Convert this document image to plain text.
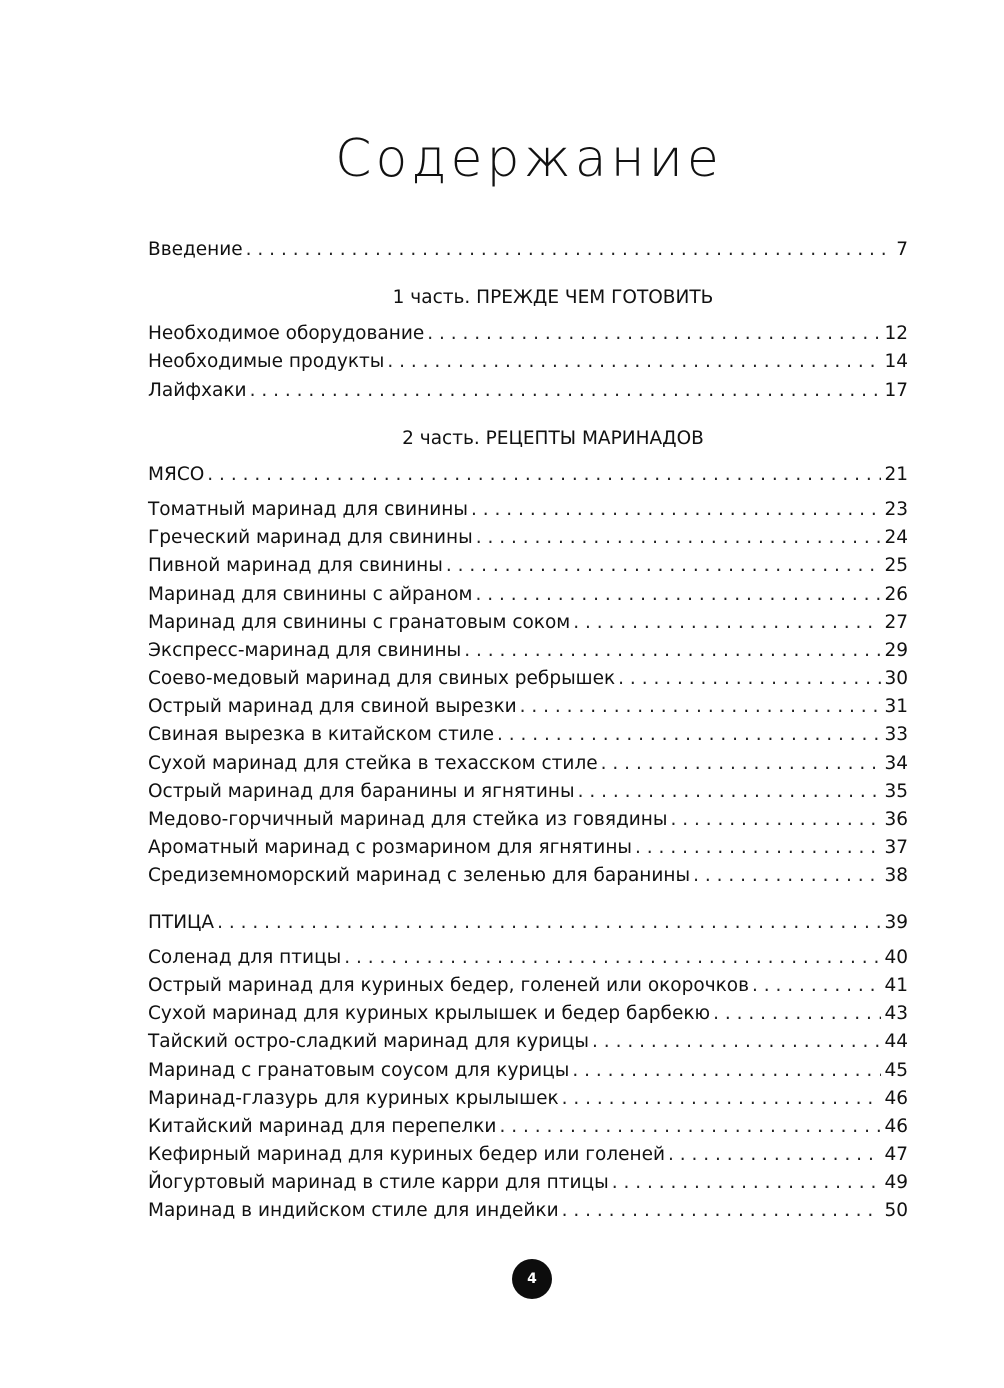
Содержание
Введение . . .	7
1 часть. ПРЕЖДЕ ЧЕМ ГОТОВИТЬ
Необходимое оборудование . . .	12
Необходимые продукты . . .	14
Лайфхаки . . .	17
2 часть. РЕЦЕПТЫ МАРИНАДОВ
МЯСО . . .	21
Томатный маринад для свинины . . .	23
Греческий маринад для свинины . . .	24
Пивной маринад для свинины . . .	25
Маринад для свинины с айраном . . .	26
Маринад для свинины с гранатовым соком . . .	27
Экспресс-маринад для свинины . . .	29
Соево-медовый маринад для свиных ребрышек . . .	30
Острый маринад для свиной вырезки . . .	31
Свиная вырезка в китайском стиле . . .	33
Сухой маринад для стейка в техасском стиле . . .	34
Острый маринад для баранины и ягнятины . . .	35
Медово-горчичный маринад для стейка из говядины . . .	36
Ароматный маринад с розмарином для ягнятины . . .	37
Средиземноморский маринад с зеленью для баранины . . .	38
ПТИЦА . . .	39
Соленад для птицы . . .	40
Острый маринад для куриных бедер, голеней или окорочков . . .	41
Сухой маринад для куриных крылышек и бедер барбекю . . .	43
Тайский остро-сладкий маринад для курицы . . .	44
Маринад с гранатовым соусом для курицы . . .	45
Маринад-глазурь для куриных крылышек . . .	46
Китайский маринад для перепелки . . .	46
Кефирный маринад для куриных бедер или голеней . . .	47
Йогуртовый маринад в стиле карри для птицы . . .	49
Маринад в индийском стиле для индейки . . .	50
4
